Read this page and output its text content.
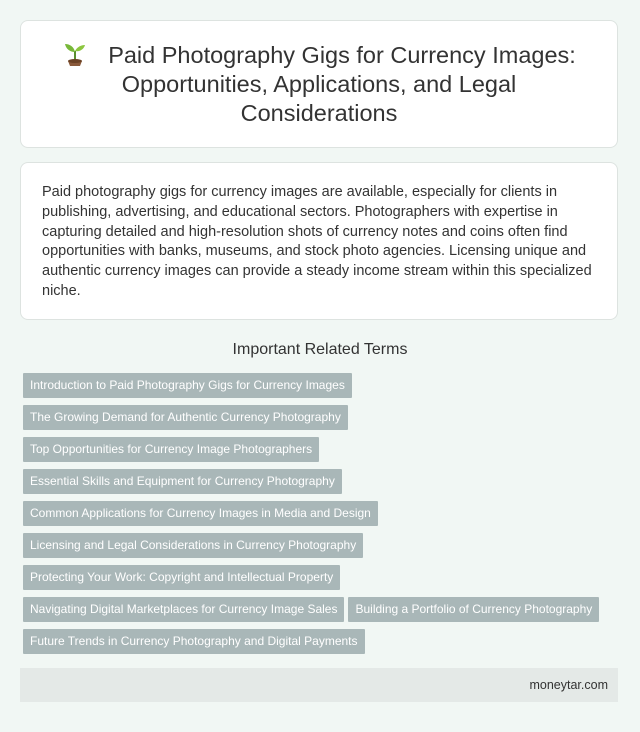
Paid Photography Gigs for Currency Images: Opportunities, Applications, and Legal Considerations

Paid photography gigs for currency images are available, especially for clients in publishing, advertising, and educational sectors. Photographers with expertise in capturing detailed and high-resolution shots of currency notes and coins often find opportunities with banks, museums, and stock photo agencies. Licensing unique and authentic currency images can provide a steady income stream within this specialized niche.

Important Related Terms
Introduction to Paid Photography Gigs for Currency Images
The Growing Demand for Authentic Currency Photography
Top Opportunities for Currency Image Photographers
Essential Skills and Equipment for Currency Photography
Common Applications for Currency Images in Media and Design
Licensing and Legal Considerations in Currency Photography
Protecting Your Work: Copyright and Intellectual Property
Navigating Digital Marketplaces for Currency Image Sales Building a Portfolio of Currency Photography
Future Trends in Currency Photography and Digital Payments
moneytar.com
